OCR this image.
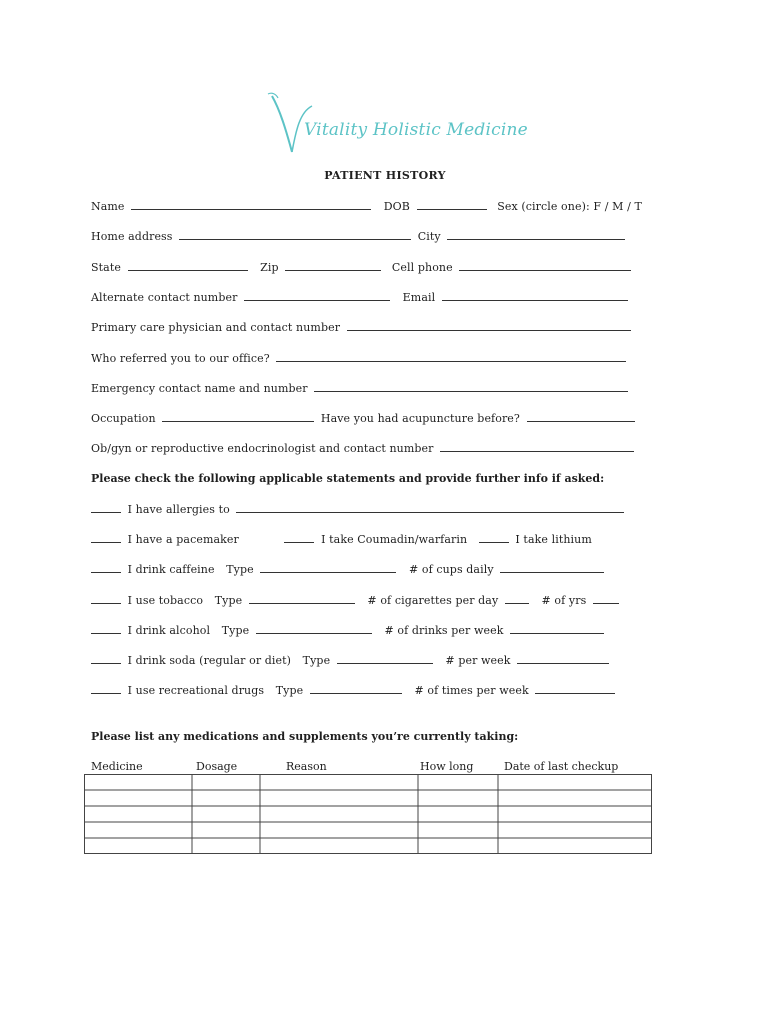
Vitality Holistic Medicine
PATIENT HISTORY
Name	DOB	Sex (circle one): F / M / T
Home address	City
State	Zip	Cell phone
Alternate contact number	Email
Primary care physician and contact number
Who referred you to our office?
Emergency contact name and number
Occupation	Have you had acupuncture before?
Ob/gyn or reproductive endocrinologist and contact number
Please check the following applicable statements and provide further info if asked:
I have allergies to
I have a pacemaker	I take Coumadin/warfarin	I take lithium
I drink caffeine Type	# of cups daily
I use tobacco Type	# of cigarettes per day	# of yrs
I drink alcohol Type	# of drinks per week
I drink soda (regular or diet) Type	# per week
I use recreational drugs Type	# of times per week
Please list any medications and supplements you’re currently taking:
Medicine	Dosage	Reason	How long	Date of last checkup
